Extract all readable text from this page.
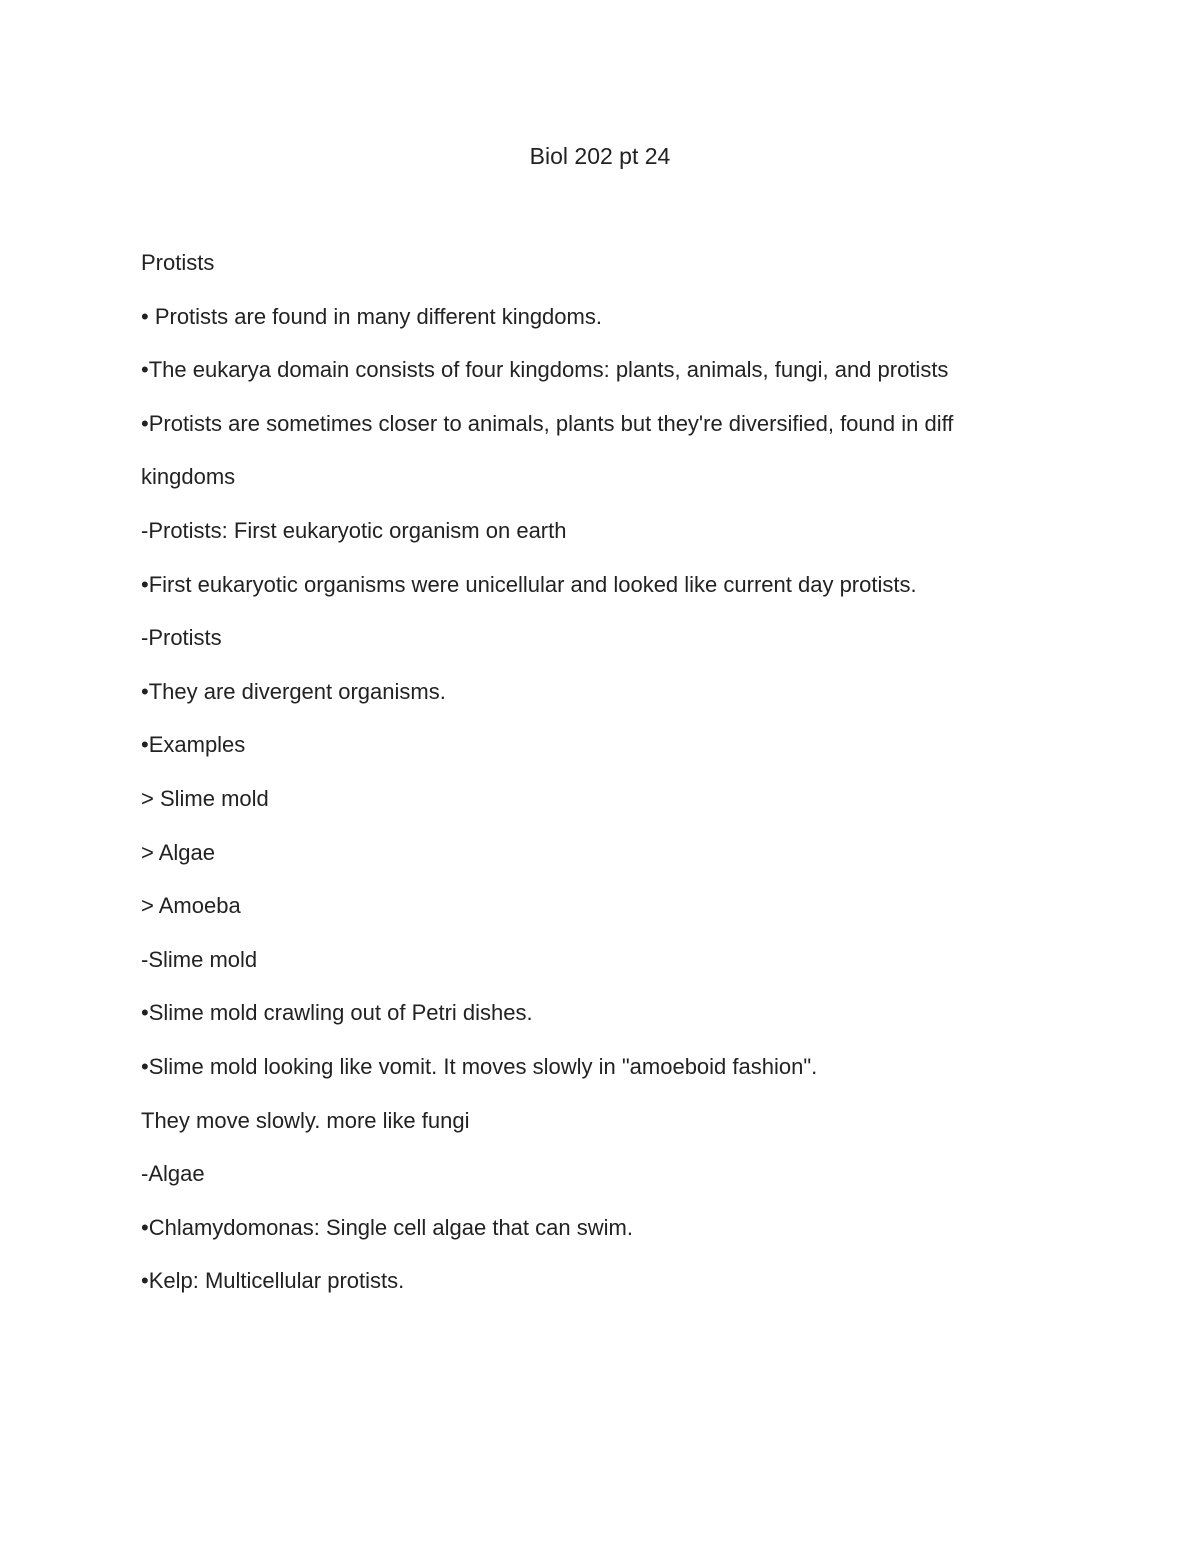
Biol 202 pt 24
Protists
• Protists are found in many different kingdoms.
•The eukarya domain consists of four kingdoms: plants, animals, fungi, and protists
•Protists are sometimes closer to animals, plants but they're diversified, found in diff
kingdoms
-Protists: First eukaryotic organism on earth
•First eukaryotic organisms were unicellular and looked like current day protists.
-Protists
•They are divergent organisms.
•Examples
> Slime mold
> Algae
> Amoeba
-Slime mold
•Slime mold crawling out of Petri dishes.
•Slime mold looking like vomit. It moves slowly in "amoeboid fashion".
They move slowly. more like fungi
-Algae
•Chlamydomonas: Single cell algae that can swim.
•Kelp: Multicellular protists.
